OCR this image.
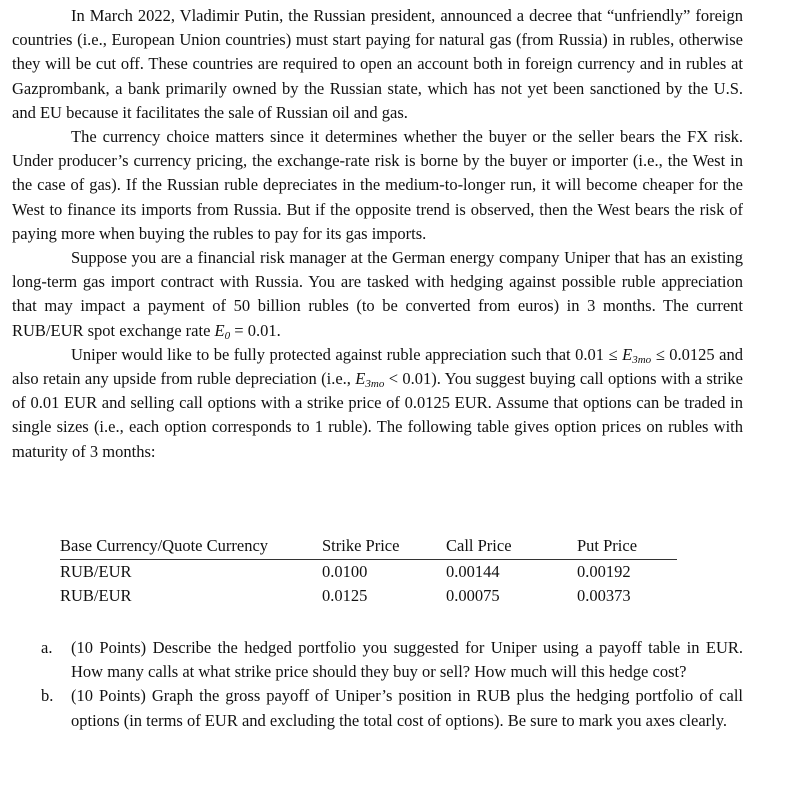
In March 2022, Vladimir Putin, the Russian president, announced a decree that “unfriendly” foreign countries (i.e., European Union countries) must start paying for natural gas (from Russia) in rubles, otherwise they will be cut off. These countries are required to open an account both in foreign currency and in rubles at Gazprombank, a bank primarily owned by the Russian state, which has not yet been sanctioned by the U.S. and EU because it facilitates the sale of Russian oil and gas.

The currency choice matters since it determines whether the buyer or the seller bears the FX risk. Under producer’s currency pricing, the exchange-rate risk is borne by the buyer or importer (i.e., the West in the case of gas). If the Russian ruble depreciates in the medium-to-longer run, it will become cheaper for the West to finance its imports from Russia. But if the opposite trend is observed, then the West bears the risk of paying more when buying the rubles to pay for its gas imports.

Suppose you are a financial risk manager at the German energy company Uniper that has an existing long-term gas import contract with Russia. You are tasked with hedging against possible ruble appreciation that may impact a payment of 50 billion rubles (to be converted from euros) in 3 months. The current RUB/EUR spot exchange rate $E_0 = 0.01$.

Uniper would like to be fully protected against ruble appreciation such that $0.01 \le E_{3mo} \le 0.0125$ and also retain any upside from ruble depreciation (i.e., $E_{3mo} < 0.01$). You suggest buying call options with a strike of 0.01 EUR and selling call options with a strike price of 0.0125 EUR. Assume that options can be traded in single sizes (i.e., each option corresponds to 1 ruble). The following table gives option prices on rubles with maturity of 3 months:

Base Currency/Quote Currency	Strike Price	Call Price	Put Price
RUB/EUR	0.0100	0.00144	0.00192
RUB/EUR	0.0125	0.00075	0.00373
a. (10 Points) Describe the hedged portfolio you suggested for Uniper using a payoff table in EUR. How many calls at what strike price should they buy or sell? How much will this hedge cost?
b. (10 Points) Graph the gross payoff of Uniper’s position in RUB plus the hedging portfolio of call options (in terms of EUR and excluding the total cost of options). Be sure to mark you axes clearly.
